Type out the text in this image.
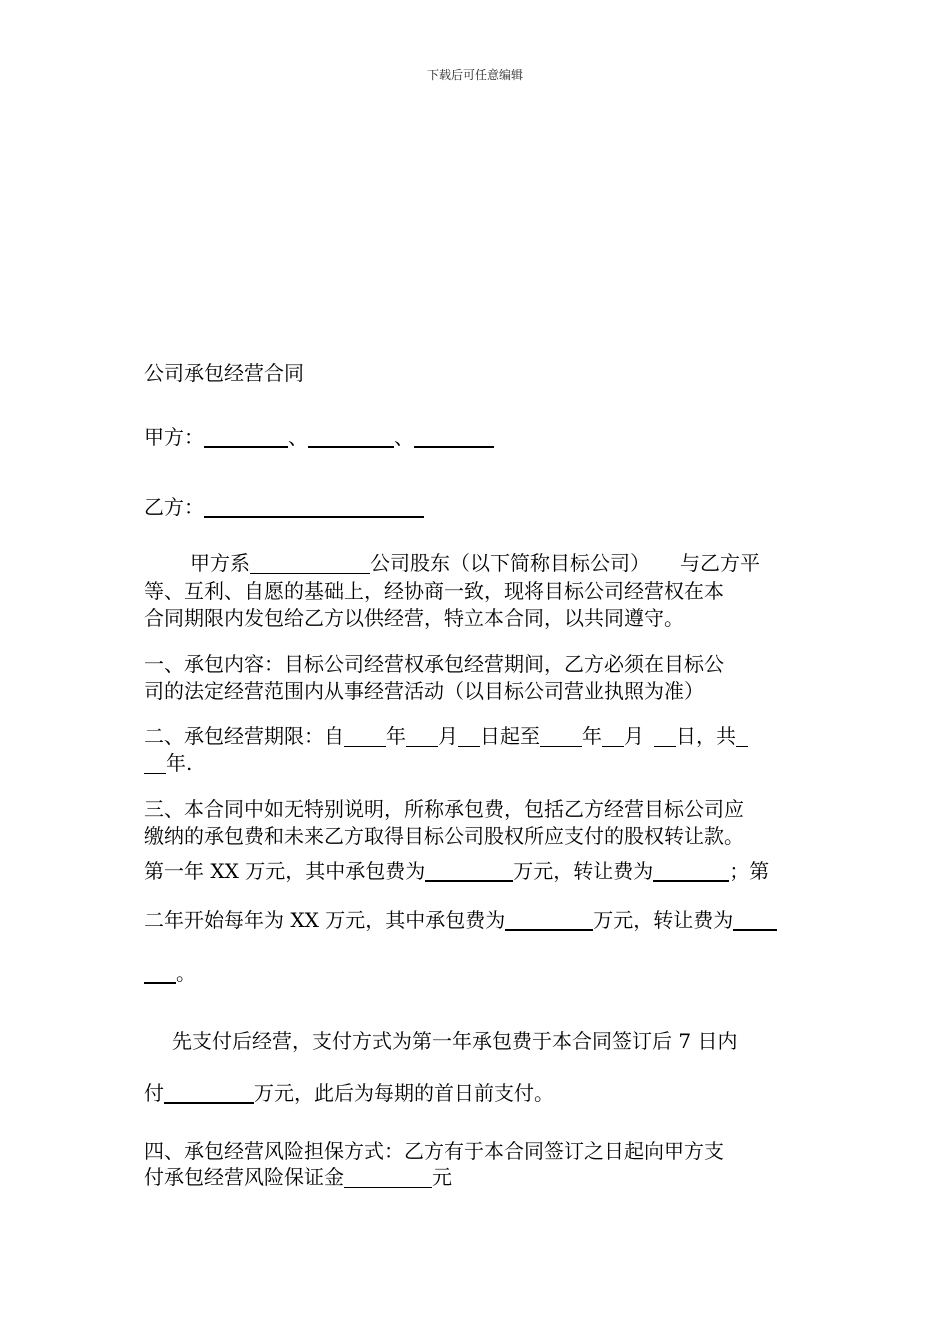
下载后可任意编辑
公司承包经营合同
甲方：	、	、
乙方：
甲方系	公司股东（以下简称目标公司） 与乙方平
等、互利、自愿的基础上，经协商一致，现将目标公司经营权在本
合同期限内发包给乙方以供经营，特立本合同，以共同遵守。
一、承包内容：目标公司经营权承包经营期间，乙方必须在目标公
司的法定经营范围内从事经营活动（以目标公司营业执照为准）
二、承包经营期限：自 年 月 日起至 年 月 日，共
年.
三、本合同中如无特别说明，所称承包费，包括乙方经营目标公司应
缴纳的承包费和未来乙方取得目标公司股权所应支付的股权转让款。
第一年 XX 万元，其中承包费为	万元，转让费为	；第
二年开始每年为 XX 万元，其中承包费为	万元，转让费为
。
先支付后经营，支付方式为第一年承包费于本合同签订后 7 日内
付	万元，此后为每期的首日前支付。
四、承包经营风险担保方式：乙方有于本合同签订之日起向甲方支
付承包经营风险保证金	元
